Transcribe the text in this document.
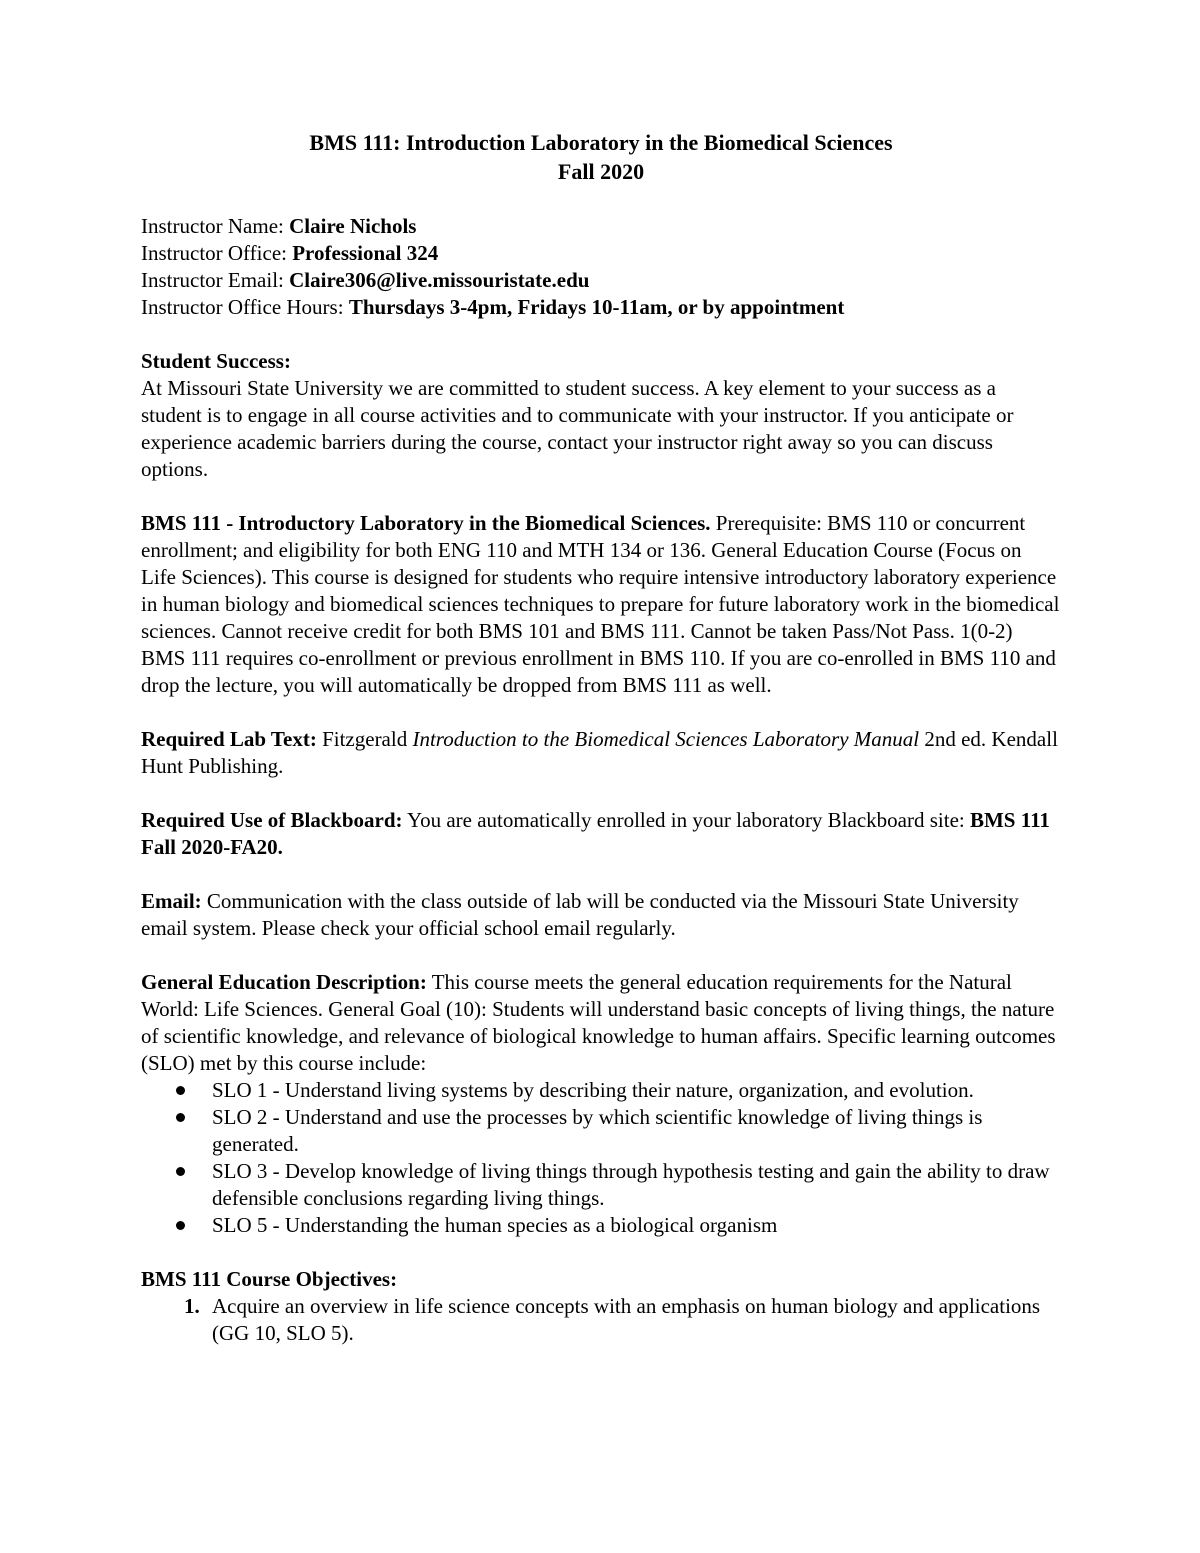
BMS 111: Introduction Laboratory in the Biomedical Sciences

Fall 2020

Instructor Name: Claire Nichols

Instructor Office: Professional 324

Instructor Email: Claire306@live.missouristate.edu

Instructor Office Hours: Thursdays 3-4pm, Fridays 10-11am, or by appointment

Student Success:

At Missouri State University we are committed to student success. A key element to your success as a student is to engage in all course activities and to communicate with your instructor. If you anticipate or experience academic barriers during the course, contact your instructor right away so you can discuss options.

BMS 111 - Introductory Laboratory in the Biomedical Sciences. Prerequisite: BMS 110 or concurrent enrollment; and eligibility for both ENG 110 and MTH 134 or 136. General Education Course (Focus on Life Sciences). This course is designed for students who require intensive introductory laboratory experience in human biology and biomedical sciences techniques to prepare for future laboratory work in the biomedical sciences. Cannot receive credit for both BMS 101 and BMS 111. Cannot be taken Pass/Not Pass. 1(0-2) BMS 111 requires co-enrollment or previous enrollment in BMS 110. If you are co-enrolled in BMS 110 and drop the lecture, you will automatically be dropped from BMS 111 as well.

Required Lab Text: Fitzgerald Introduction to the Biomedical Sciences Laboratory Manual 2nd ed. Kendall Hunt Publishing.

Required Use of Blackboard: You are automatically enrolled in your laboratory Blackboard site: BMS 111 Fall 2020-FA20.

Email: Communication with the class outside of lab will be conducted via the Missouri State University email system. Please check your official school email regularly.

General Education Description: This course meets the general education requirements for the Natural World: Life Sciences. General Goal (10): Students will understand basic concepts of living things, the nature of scientific knowledge, and relevance of biological knowledge to human affairs. Specific learning outcomes (SLO) met by this course include:

SLO 1 - Understand living systems by describing their nature, organization, and evolution.
SLO 2 - Understand and use the processes by which scientific knowledge of living things is generated.
SLO 3 - Develop knowledge of living things through hypothesis testing and gain the ability to draw defensible conclusions regarding living things.
SLO 5 - Understanding the human species as a biological organism

BMS 111 Course Objectives:

1. Acquire an overview in life science concepts with an emphasis on human biology and applications (GG 10, SLO 5).
